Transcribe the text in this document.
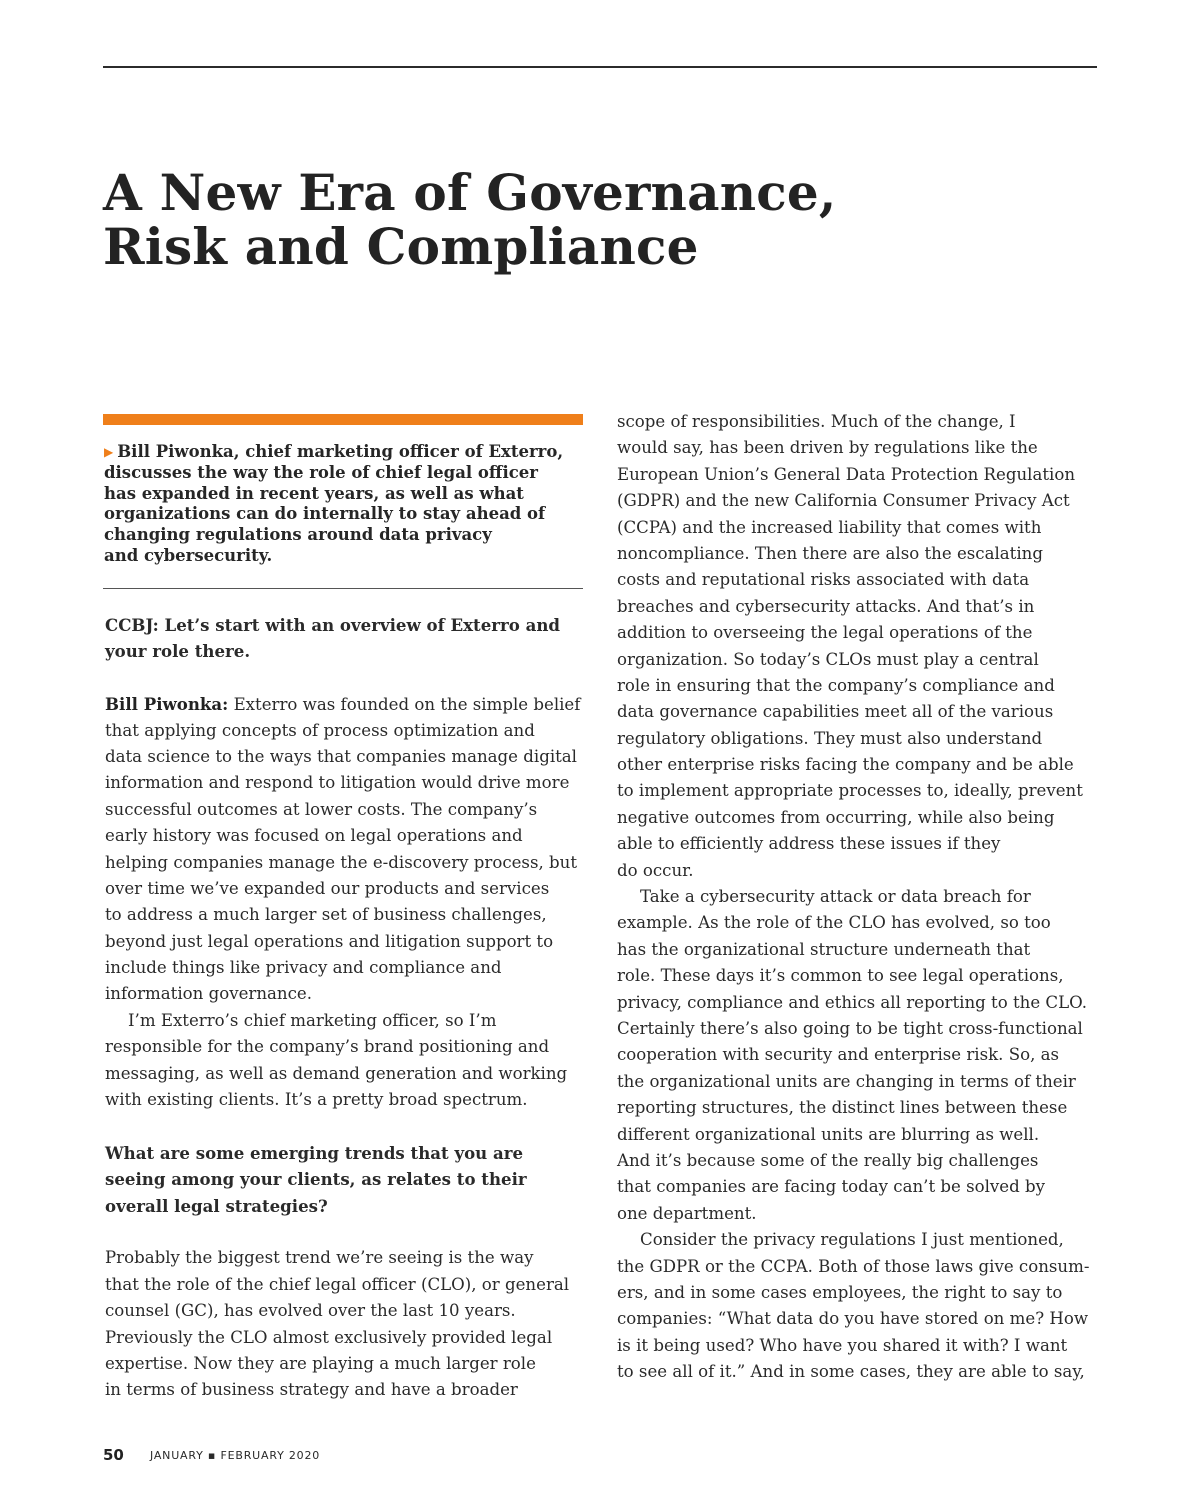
A New Era of Governance,
Risk and Compliance

▶ Bill Piwonka, chief marketing officer of Exterro,
discusses the way the role of chief legal officer
has expanded in recent years, as well as what
organizations can do internally to stay ahead of
changing regulations around data privacy
and cybersecurity.

CCBJ: Let’s start with an overview of Exterro and
your role there.
Bill Piwonka: Exterro was founded on the simple belief
that applying concepts of process optimization and
data science to the ways that companies manage digital
information and respond to litigation would drive more
successful outcomes at lower costs. The company’s
early history was focused on legal operations and
helping companies manage the e-discovery process, but
over time we’ve expanded our products and services
to address a much larger set of business challenges,
beyond just legal operations and litigation support to
include things like privacy and compliance and
information governance.
I’m Exterro’s chief marketing officer, so I’m
responsible for the company’s brand positioning and
messaging, as well as demand generation and working
with existing clients. It’s a pretty broad spectrum.
What are some emerging trends that you are
seeing among your clients, as relates to their
overall legal strategies?
Probably the biggest trend we’re seeing is the way
that the role of the chief legal officer (CLO), or general
counsel (GC), has evolved over the last 10 years.
Previously the CLO almost exclusively provided legal
expertise. Now they are playing a much larger role
in terms of business strategy and have a broader
scope of responsibilities. Much of the change, I
would say, has been driven by regulations like the
European Union’s General Data Protection Regulation
(GDPR) and the new California Consumer Privacy Act
(CCPA) and the increased liability that comes with
noncompliance. Then there are also the escalating
costs and reputational risks associated with data
breaches and cybersecurity attacks. And that’s in
addition to overseeing the legal operations of the
organization. So today’s CLOs must play a central
role in ensuring that the company’s compliance and
data governance capabilities meet all of the various
regulatory obligations. They must also understand
other enterprise risks facing the company and be able
to implement appropriate processes to, ideally, prevent
negative outcomes from occurring, while also being
able to efficiently address these issues if they
do occur.
Take a cybersecurity attack or data breach for
example. As the role of the CLO has evolved, so too
has the organizational structure underneath that
role. These days it’s common to see legal operations,
privacy, compliance and ethics all reporting to the CLO.
Certainly there’s also going to be tight cross-functional
cooperation with security and enterprise risk. So, as
the organizational units are changing in terms of their
reporting structures, the distinct lines between these
different organizational units are blurring as well.
And it’s because some of the really big challenges
that companies are facing today can’t be solved by
one department.
Consider the privacy regulations I just mentioned,
the GDPR or the CCPA. Both of those laws give consum-
ers, and in some cases employees, the right to say to
companies: “What data do you have stored on me? How
is it being used? Who have you shared it with? I want
to see all of it.” And in some cases, they are able to say,
50 JANUARY ▪ FEBRUARY 2020
